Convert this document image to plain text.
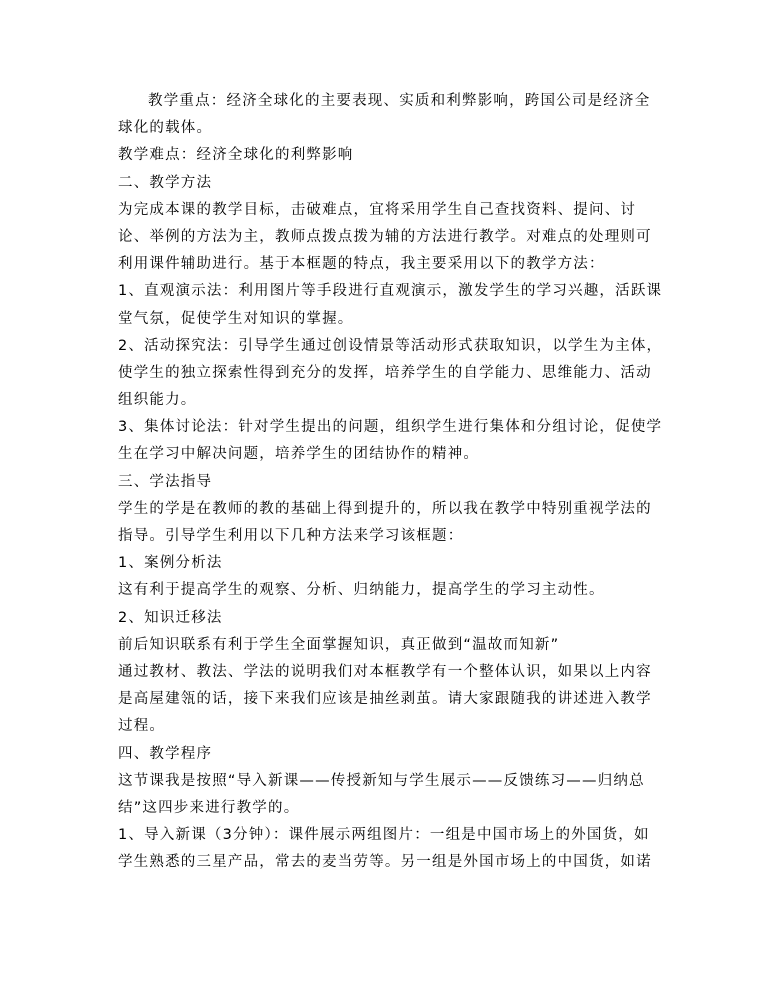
教学重点：经济全球化的主要表现、实质和利弊影响，跨国公司是经济全
球化的载体。
教学难点：经济全球化的利弊影响
二、教学方法
为完成本课的教学目标，击破难点，宜将采用学生自己查找资料、提问、讨
论、举例的方法为主，教师点拨点拨为辅的方法进行教学。对难点的处理则可
利用课件辅助进行。基于本框题的特点，我主要采用以下的教学方法：
1、直观演示法：利用图片等手段进行直观演示，激发学生的学习兴趣，活跃课
堂气氛，促使学生对知识的掌握。
2、活动探究法：引导学生通过创设情景等活动形式获取知识，以学生为主体，
使学生的独立探索性得到充分的发挥，培养学生的自学能力、思维能力、活动
组织能力。
3、集体讨论法：针对学生提出的问题，组织学生进行集体和分组讨论，促使学
生在学习中解决问题，培养学生的团结协作的精神。
三、学法指导
学生的学是在教师的教的基础上得到提升的，所以我在教学中特别重视学法的
指导。引导学生利用以下几种方法来学习该框题：
1、案例分析法
这有利于提高学生的观察、分析、归纳能力，提高学生的学习主动性。
2、知识迁移法
前后知识联系有利于学生全面掌握知识，真正做到“温故而知新”
通过教材、教法、学法的说明我们对本框教学有一个整体认识，如果以上内容
是高屋建瓴的话，接下来我们应该是抽丝剥茧。请大家跟随我的讲述进入教学
过程。
四、教学程序
这节课我是按照“导入新课——传授新知与学生展示——反馈练习——归纳总
结”这四步来进行教学的。
1、导入新课（3分钟）：课件展示两组图片：一组是中国市场上的外国货，如
学生熟悉的三星产品，常去的麦当劳等。另一组是外国市场上的中国货，如诺
